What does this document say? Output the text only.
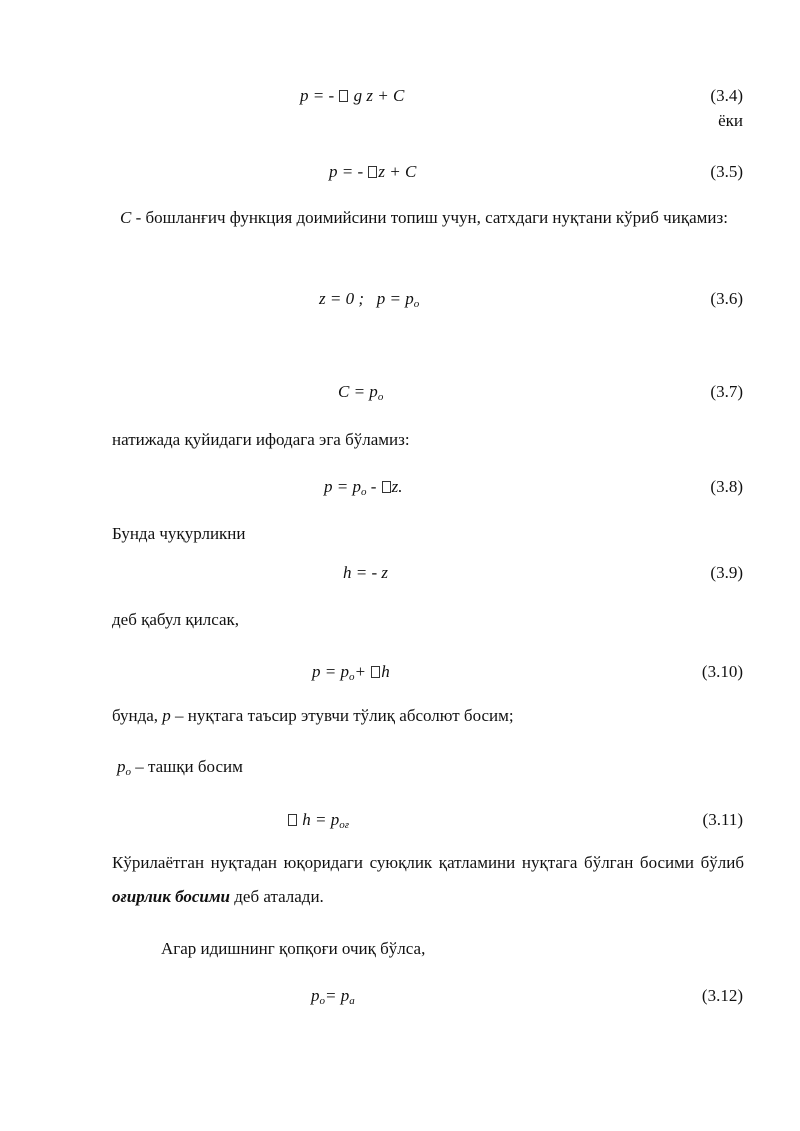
p = -  g z + C	(3.4)
ёки
p = - z + C	(3.5)
C - бошланғич функция доимийсини топиш учун, сатхдаги нуқтани кўриб чиқамиз:
z = 0 ;   $p = p_o$	(3.6)
$C = p_o$	(3.7)
натижада қуйидаги ифодага эга бўламиз:
$p = p_o - z$.	(3.8)
Бунда чуқурликни
h = - z	(3.9)
деб қабул қилсак,
$p = p_o+ h$	(3.10)
бунда, p – нуқтага таъсир этувчи тўлиқ абсолют босим;
$p_o$ – ташқи босим
$h = p_{oғ}$	(3.11)
Кўрилаётган нуқтадан юқоридаги суюқлик қатламини нуқтага бўлган босими бўлиб оғирлик босими деб аталади.
Агар идишнинг қопқоғи очиқ бўлса,
$p_o= p_a$	(3.12)
